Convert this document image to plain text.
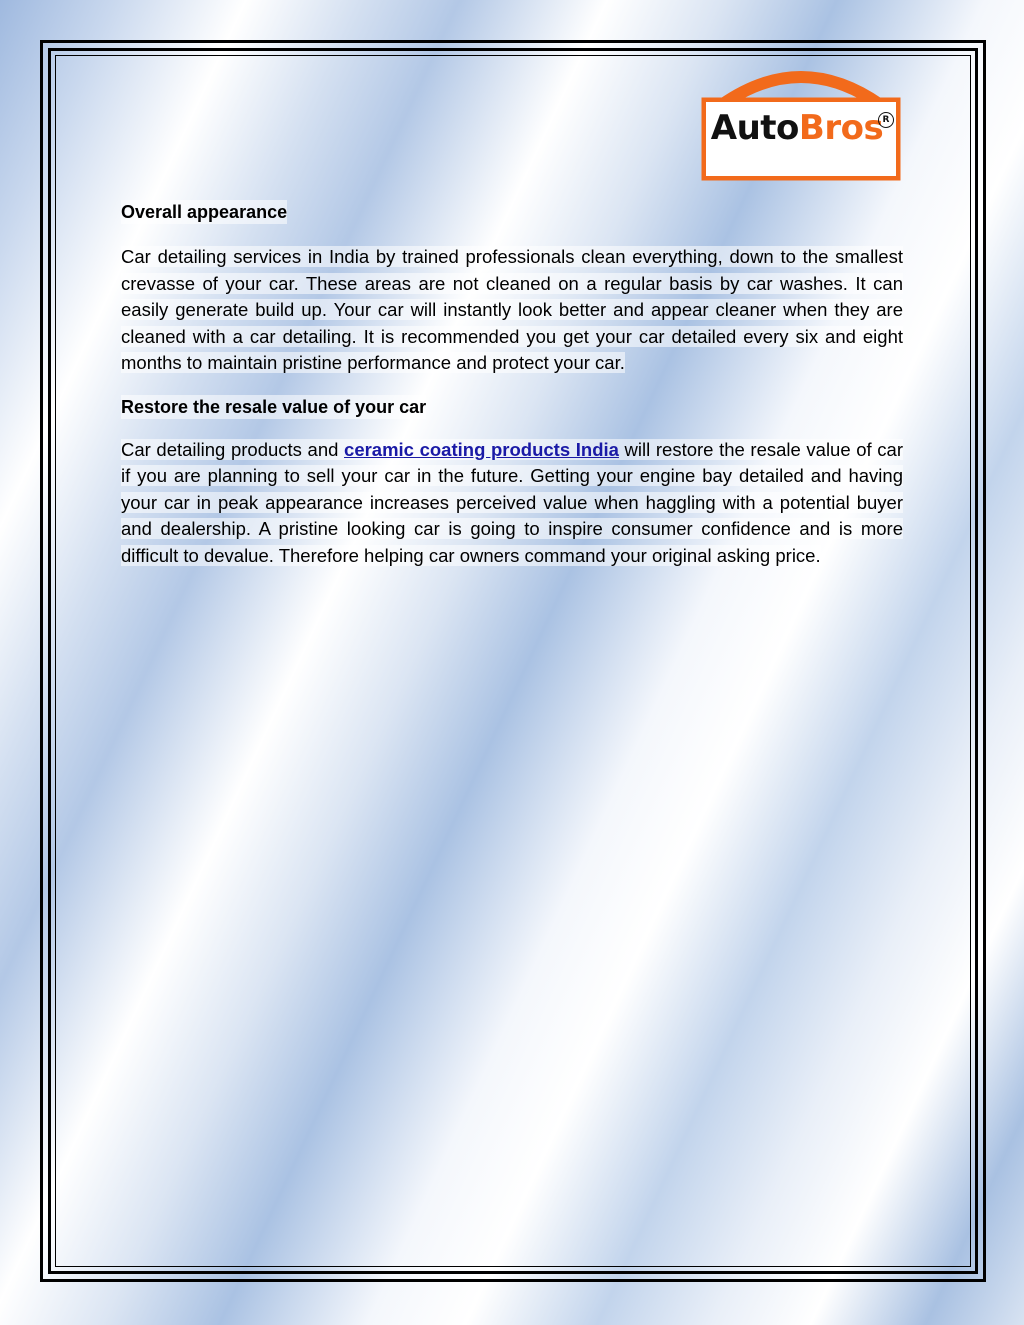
AutoBros R
Overall appearance

Car detailing services in India by trained professionals clean everything, down to the smallest crevasse of your car. These areas are not cleaned on a regular basis by car washes. It can easily generate build up. Your car will instantly look better and appear cleaner when they are cleaned with a car detailing. It is recommended you get your car detailed every six and eight months to maintain pristine performance and protect your car.

Restore the resale value of your car

Car detailing products and ceramic coating products India will restore the resale value of car if you are planning to sell your car in the future. Getting your engine bay detailed and having your car in peak appearance increases perceived value when haggling with a potential buyer and dealership. A pristine looking car is going to inspire consumer confidence and is more difficult to devalue. Therefore helping car owners command your original asking price.
